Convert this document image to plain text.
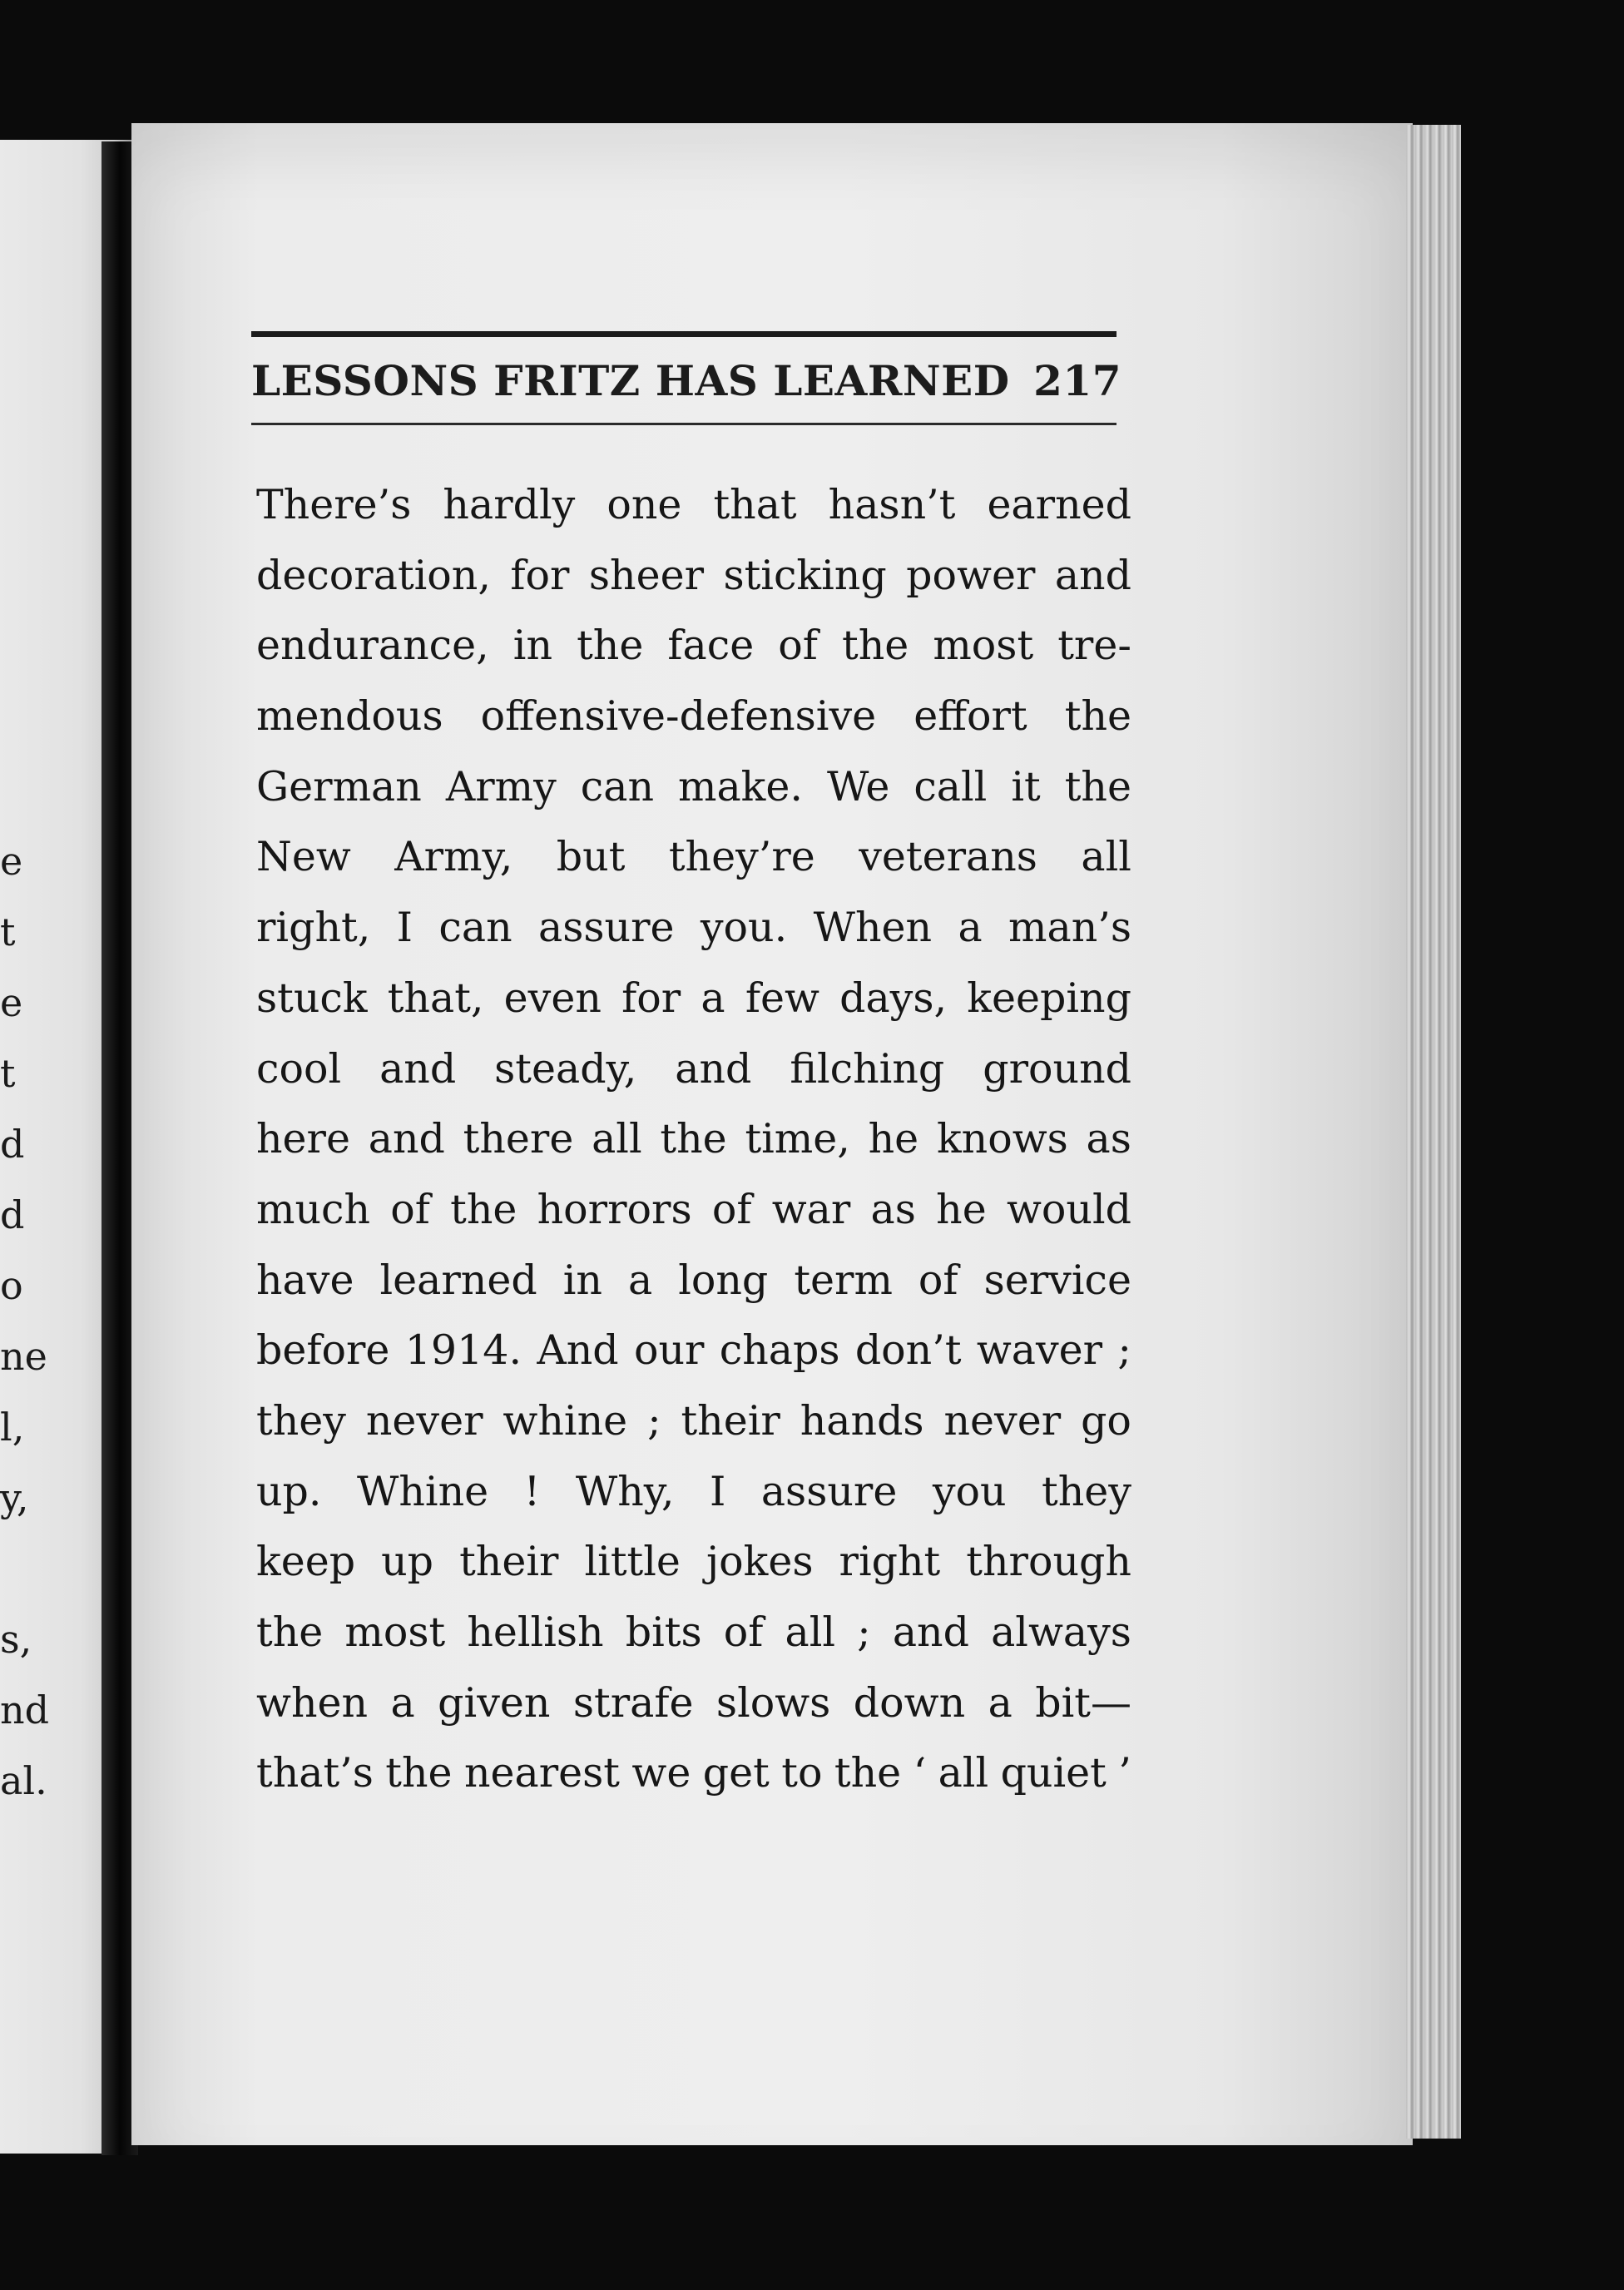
e
t
e
t
d
d
o
ne
l,
y,
s,
nd
al.
LESSONS FRITZ HAS LEARNED 217
There’s hardly one that hasn’t earned
decoration, for sheer sticking power and
endurance, in the face of the most tre-
mendous offensive-defensive effort the
German Army can make. We call it the
New Army, but they’re veterans all
right, I can assure you. When a man’s
stuck that, even for a few days, keeping
cool and steady, and filching ground
here and there all the time, he knows as
much of the horrors of war as he would
have learned in a long term of service
before 1914. And our chaps don’t waver ;
they never whine ; their hands never go
up. Whine ! Why, I assure you they
keep up their little jokes right through
the most hellish bits of all ; and always
when a given strafe slows down a bit—
that’s the nearest we get to the ‘ all quiet ’
